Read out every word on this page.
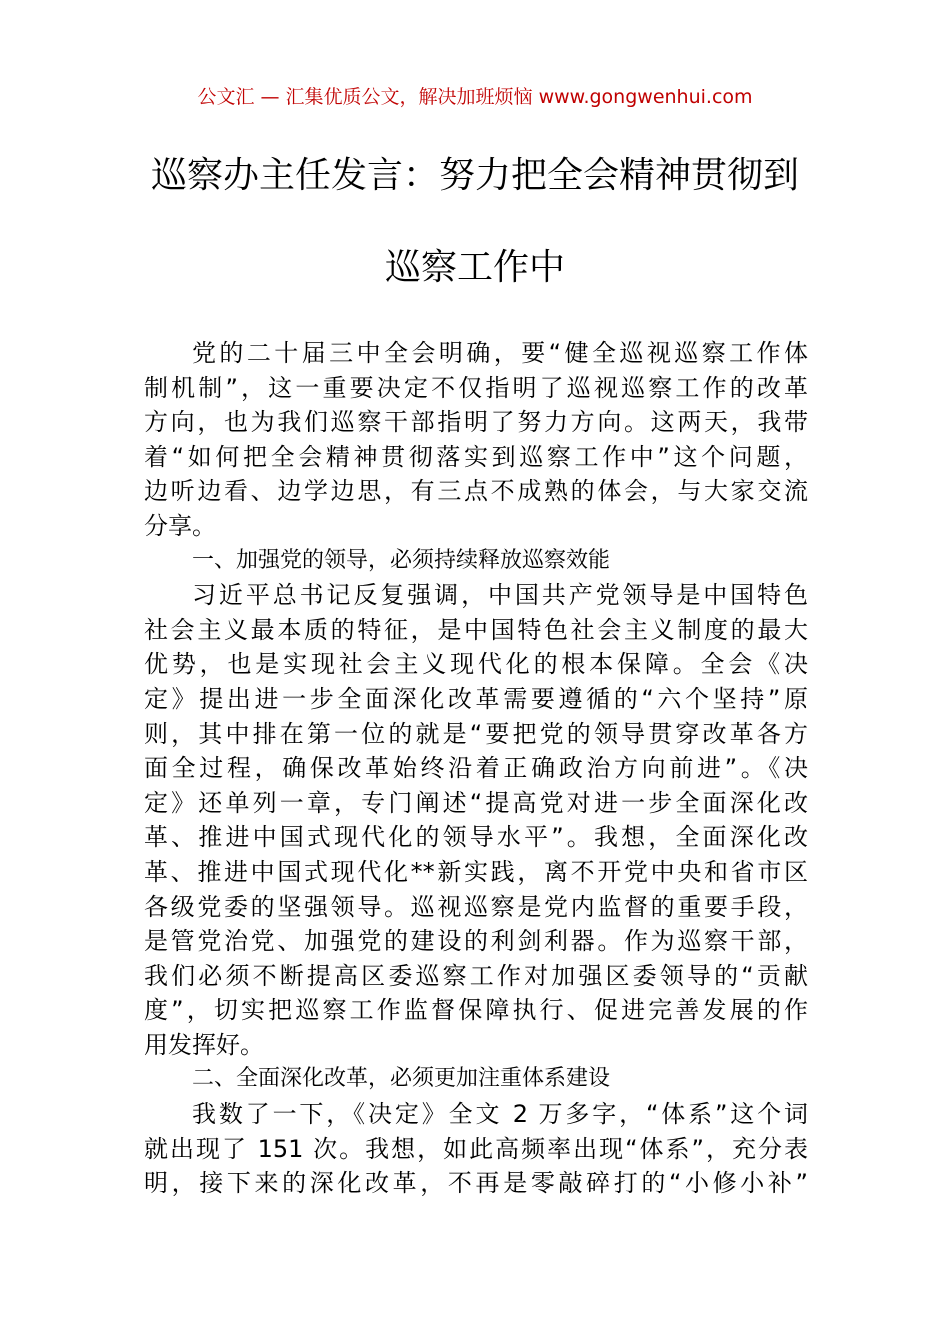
公文汇 — 汇集优质公文，解决加班烦恼 www.gongwenhui.com
巡察办主任发言：努力把全会精神贯彻到
巡察工作中
党的二十届三中全会明确，要“健全巡视巡察工作体
制机制”，这一重要决定不仅指明了巡视巡察工作的改革
方向，也为我们巡察干部指明了努力方向。这两天，我带
着“如何把全会精神贯彻落实到巡察工作中”这个问题，
边听边看、边学边思，有三点不成熟的体会，与大家交流
分享。
一、加强党的领导，必须持续释放巡察效能
习近平总书记反复强调，中国共产党领导是中国特色
社会主义最本质的特征，是中国特色社会主义制度的最大
优势，也是实现社会主义现代化的根本保障。全会《决
定》提出进一步全面深化改革需要遵循的“六个坚持”原
则，其中排在第一位的就是“要把党的领导贯穿改革各方
面全过程，确保改革始终沿着正确政治方向前进”。《决
定》还单列一章，专门阐述“提高党对进一步全面深化改
革、推进中国式现代化的领导水平”。我想，全面深化改
革、推进中国式现代化**新实践，离不开党中央和省市区
各级党委的坚强领导。巡视巡察是党内监督的重要手段，
是管党治党、加强党的建设的利剑利器。作为巡察干部，
我们必须不断提高区委巡察工作对加强区委领导的“贡献
度”，切实把巡察工作监督保障执行、促进完善发展的作
用发挥好。
二、全面深化改革，必须更加注重体系建设
我数了一下，《决定》全文 2 万多字，“体系”这个词
就出现了 151 次。我想，如此高频率出现“体系”，充分表
明，接下来的深化改革，不再是零敲碎打的“小修小补”
